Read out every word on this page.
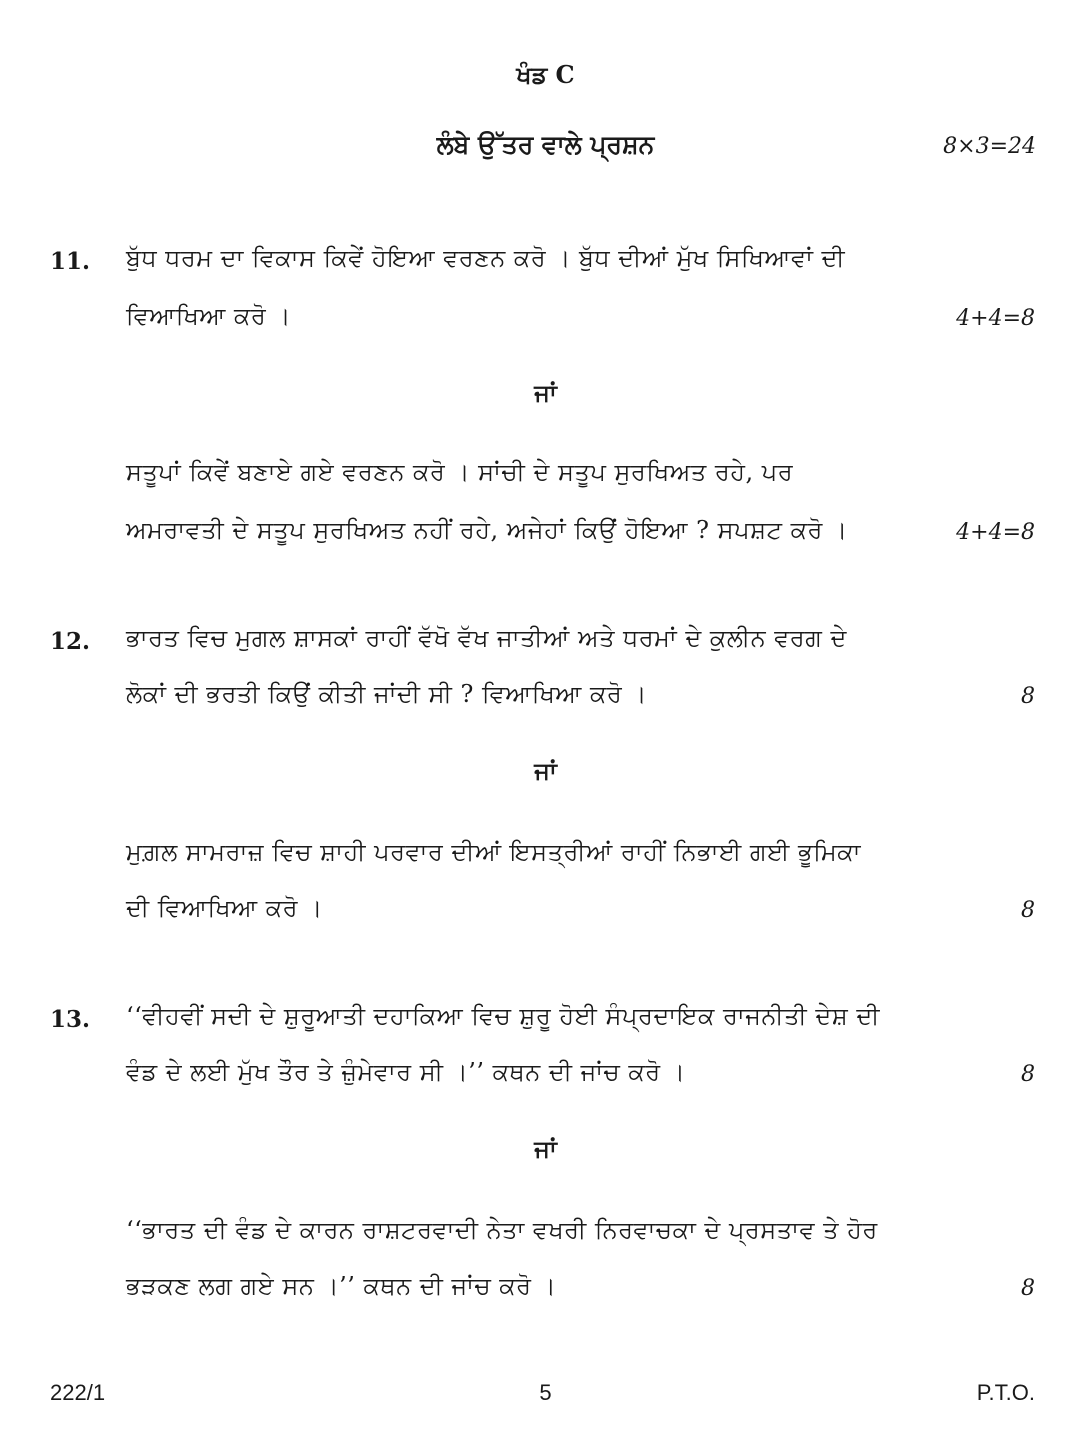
ਖੰਡ C
ਲੰਬੇ ਉੱਤਰ ਵਾਲੇ ਪ੍ਰਸ਼ਨ	8×3=24
11. ਬੁੱਧ ਧਰਮ ਦਾ ਵਿਕਾਸ ਕਿਵੇਂ ਹੋਇਆ ਵਰਣਨ ਕਰੋ । ਬੁੱਧ ਦੀਆਂ ਮੁੱਖ ਸਿਖਿਆਵਾਂ ਦੀ
ਵਿਆਖਿਆ ਕਰੋ ।	4+4=8
ਜਾਂ
ਸਤੂਪਾਂ ਕਿਵੇਂ ਬਣਾਏ ਗਏ ਵਰਣਨ ਕਰੋ । ਸਾਂਚੀ ਦੇ ਸਤੂਪ ਸੁਰਖਿਅਤ ਰਹੇ, ਪਰ
ਅਮਰਾਵਤੀ ਦੇ ਸਤੂਪ ਸੁਰਖਿਅਤ ਨਹੀਂ ਰਹੇ, ਅਜੇਹਾਂ ਕਿਉਂ ਹੋਇਆ ? ਸਪਸ਼ਟ ਕਰੋ ।	4+4=8
12. ਭਾਰਤ ਵਿਚ ਮੁਗਲ ਸ਼ਾਸਕਾਂ ਰਾਹੀਂ ਵੱਖੋ ਵੱਖ ਜਾਤੀਆਂ ਅਤੇ ਧਰਮਾਂ ਦੇ ਕੁਲੀਨ ਵਰਗ ਦੇ
ਲੋਕਾਂ ਦੀ ਭਰਤੀ ਕਿਉਂ ਕੀਤੀ ਜਾਂਦੀ ਸੀ ? ਵਿਆਖਿਆ ਕਰੋ ।	8
ਜਾਂ
ਮੁਗ਼ਲ ਸਾਮਰਾਜ਼ ਵਿਚ ਸ਼ਾਹੀ ਪਰਵਾਰ ਦੀਆਂ ਇਸਤ੍ਰੀਆਂ ਰਾਹੀਂ ਨਿਭਾਈ ਗਈ ਭੂਮਿਕਾ
ਦੀ ਵਿਆਖਿਆ ਕਰੋ ।	8
13. ‘‘ਵੀਹਵੀਂ ਸਦੀ ਦੇ ਸ਼ੁਰੂਆਤੀ ਦਹਾਕਿਆ ਵਿਚ ਸ਼ੁਰੂ ਹੋਈ ਸੰਪ੍ਰਦਾਇਕ ਰਾਜਨੀਤੀ ਦੇਸ਼ ਦੀ
ਵੰਡ ਦੇ ਲਈ ਮੁੱਖ ਤੌਰ ਤੇ ਜ਼ੁੰਮੇਵਾਰ ਸੀ ।’’ ਕਥਨ ਦੀ ਜਾਂਚ ਕਰੋ ।	8
ਜਾਂ
‘‘ਭਾਰਤ ਦੀ ਵੰਡ ਦੇ ਕਾਰਨ ਰਾਸ਼ਟਰਵਾਦੀ ਨੇਤਾ ਵਖਰੀ ਨਿਰਵਾਚਕਾ ਦੇ ਪ੍ਰਸਤਾਵ ਤੇ ਹੋਰ
ਭੜਕਣ ਲਗ ਗਏ ਸਨ ।’’ ਕਥਨ ਦੀ ਜਾਂਚ ਕਰੋ ।	8
222/1	5	P.T.O.
